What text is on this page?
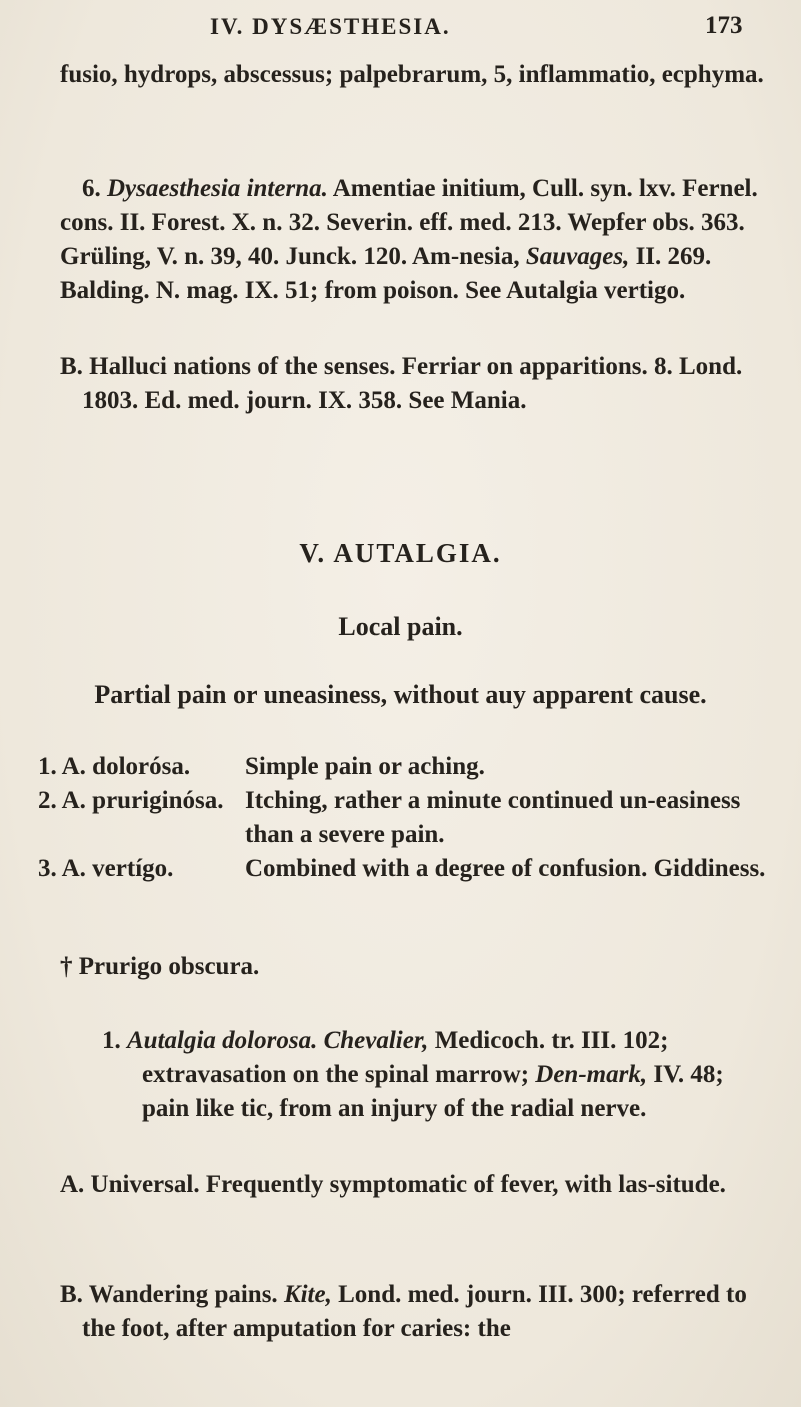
IV. DYSÆSTHESIA.	173

fusio, hydrops, abscessus; palpebrarum, 5, inflammatio, ecphyma.

6. Dysaesthesia interna. Amentiae initium, Cull. syn. lxv. Fernel. cons. II. Forest. X. n. 32. Severin. eff. med. 213. Wepfer obs. 363. Grüling, V. n. 39, 40. Junck. 120. Am-nesia, Sauvages, II. 269. Balding. N. mag. IX. 51; from poison. See Autalgia vertigo.

B. Halluci nations of the senses. Ferriar on apparitions. 8. Lond. 1803. Ed. med. journ. IX. 358. See Mania.

V. AUTALGIA.
Local pain.
Partial pain or uneasiness, without auy apparent cause.
1. A. dolorósa. Simple pain or aching.
2. A. pruriginósa. Itching, rather a minute continued un-easiness than a severe pain.
3. A. vertígo.	Combined with a degree of confusion. Giddiness.

† Prurigo obscura.

1. Autalgia dolorosa. Chevalier, Medicoch. tr. III. 102; extravasation on the spinal marrow; Den-mark, IV. 48; pain like tic, from an injury of the radial nerve.

A. Universal. Frequently symptomatic of fever, with las-situde.

B. Wandering pains. Kite, Lond. med. journ. III. 300; referred to the foot, after amputation for caries: the
